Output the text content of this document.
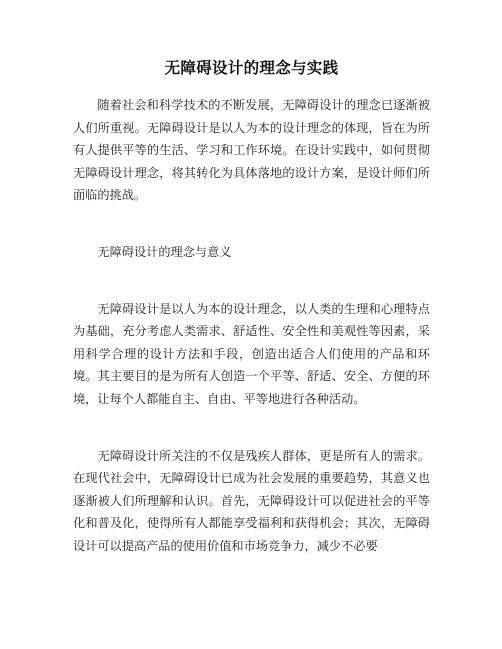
无障碍设计的理念与实践

随着社会和科学技术的不断发展，无障碍设计的理念已逐渐被人们所重视。无障碍设计是以人为本的设计理念的体现，旨在为所有人提供平等的生活、学习和工作环境。在设计实践中，如何贯彻无障碍设计理念，将其转化为具体落地的设计方案，是设计师们所面临的挑战。

无障碍设计的理念与意义

无障碍设计是以人为本的设计理念，以人类的生理和心理特点为基础，充分考虑人类需求、舒适性、安全性和美观性等因素，采用科学合理的设计方法和手段，创造出适合人们使用的产品和环境。其主要目的是为所有人创造一个平等、舒适、安全、方便的环境，让每个人都能自主、自由、平等地进行各种活动。

无障碍设计所关注的不仅是残疾人群体，更是所有人的需求。在现代社会中，无障碍设计已成为社会发展的重要趋势，其意义也逐渐被人们所理解和认识。首先，无障碍设计可以促进社会的平等化和普及化，使得所有人都能享受福利和获得机会；其次，无障碍设计可以提高产品的使用价值和市场竞争力，减少不必要
